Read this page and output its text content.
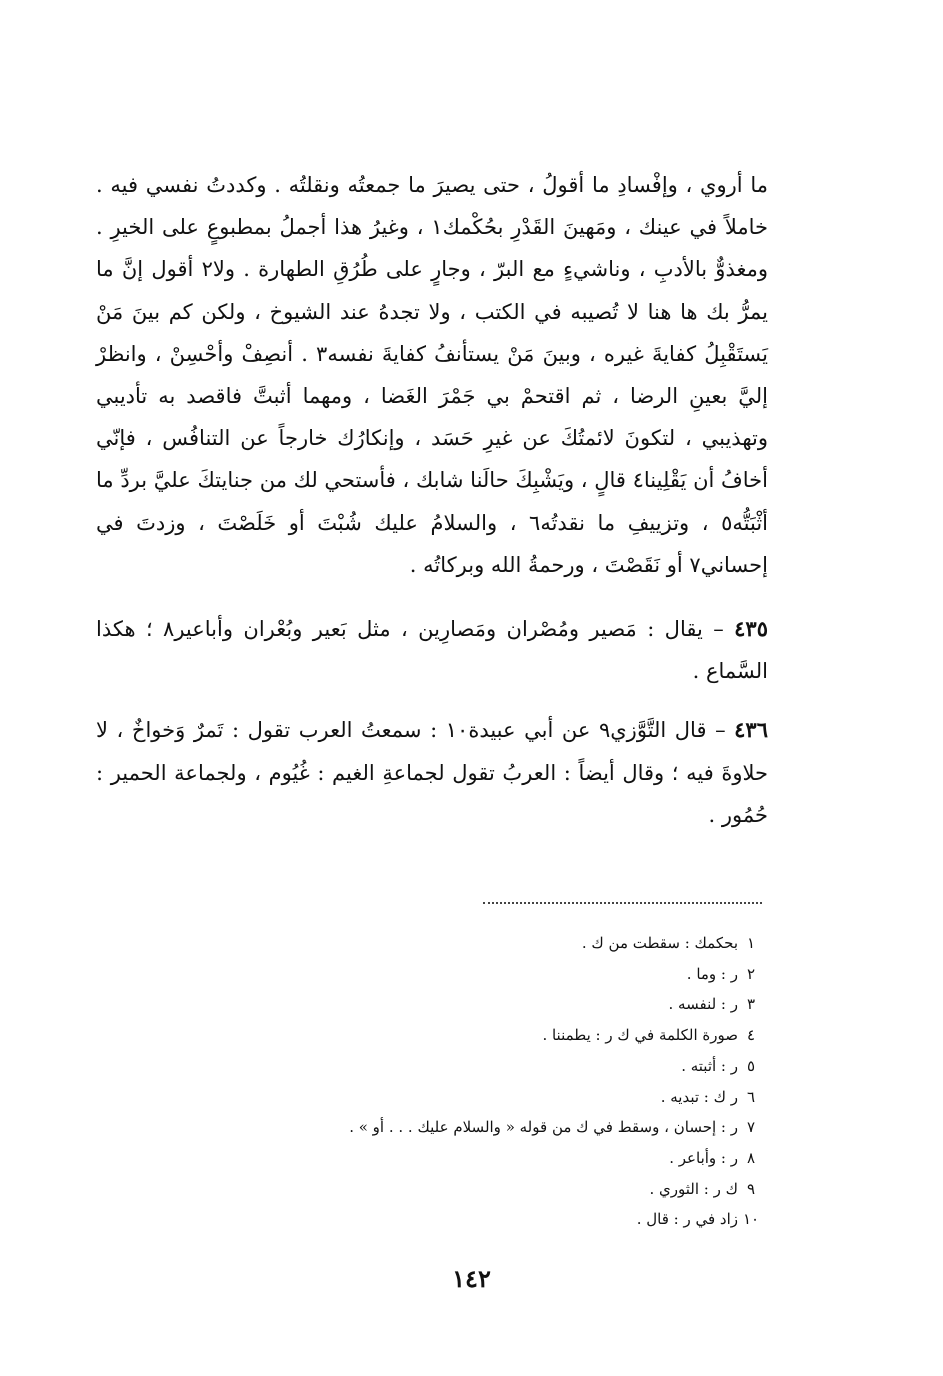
ما أروي ، وإفْسادِ ما أقولُ ، حتى يصيرَ ما جمعتُه ونقلتُه . وكددتُ نفسي فيه . خاملاً في عينك ، ومَهينَ القَدْرِ بحُكْمك١ ، وغيرُ هذا أجملُ بمطبوعٍ على الخيرِ . ومغذوٌّ بالأدبِ ، وناشيءٍ مع البرّ ، وجارٍ على طُرُقِ الطهارة . ولا٢ أقول إنَّ ما يمرُّ بك ها هنا لا تُصيبه في الكتب ، ولا تجدهُ عند الشيوخ ، ولكن كم بينَ مَنْ يَستَقْبِلُ كفايةَ غيره ، وبينَ مَنْ يستأنفُ كفايةَ نفسه٣ . أنصِفْ وأحْسِنْ ، وانظرْ إليَّ بعينِ الرضا ، ثم اقتحمْ بي جَمْرَ الغَضا ، ومهما أثبتَّ فاقصد به تأديبي وتهذيبي ، لتكونَ لائمتُكَ عن غيرِ حَسَد ، وإنكارُك خارجاً عن التنافُس ، فإنّي أخافُ أن يَقْلِينا٤ قالٍ ، ويَشْبِكَ حالَنا شابك ، فأستحي لك من جنايتكَ عليَّ بردِّ ما أثْبَتُّه٥ ، وتزييفِ ما نقدتُه٦ ، والسلامُ عليك شُبْتَ أو خَلَصْتَ ، وزدتَ في إحساني٧ أو نَقَصْتَ ، ورحمةُ الله وبركاتُه .

٤٣٥ – يقال : مَصير ومُصْران ومَصارِين ، مثل بَعير وبُعْران وأباعير٨ ؛ هكذا السَّماع .

٤٣٦ – قال التَّوَّزي٩ عن أبي عبيدة١٠ : سمعتُ العرب تقول : تَمرٌ وَخواخٌ ، لا حلاوةَ فيه ؛ وقال أيضاً : العربُ تقول لجماعةِ الغيم : غُيُوم ، ولجماعة الحمير : حُمُور .

١بحكمك : سقطت من ك .
٢ر : وما .
٣ر : لنفسه .
٤صورة الكلمة في ك ر : يطمننا .
٥ر : أثبته .
٦ر ك : تبديه .
٧ر : إحسان ، وسقط في ك من قوله « والسلام عليك . . . أو » .
٨ر : وأباعر .
٩ك ر : الثوري .
١٠زاد في ر : قال .
١٤٢
